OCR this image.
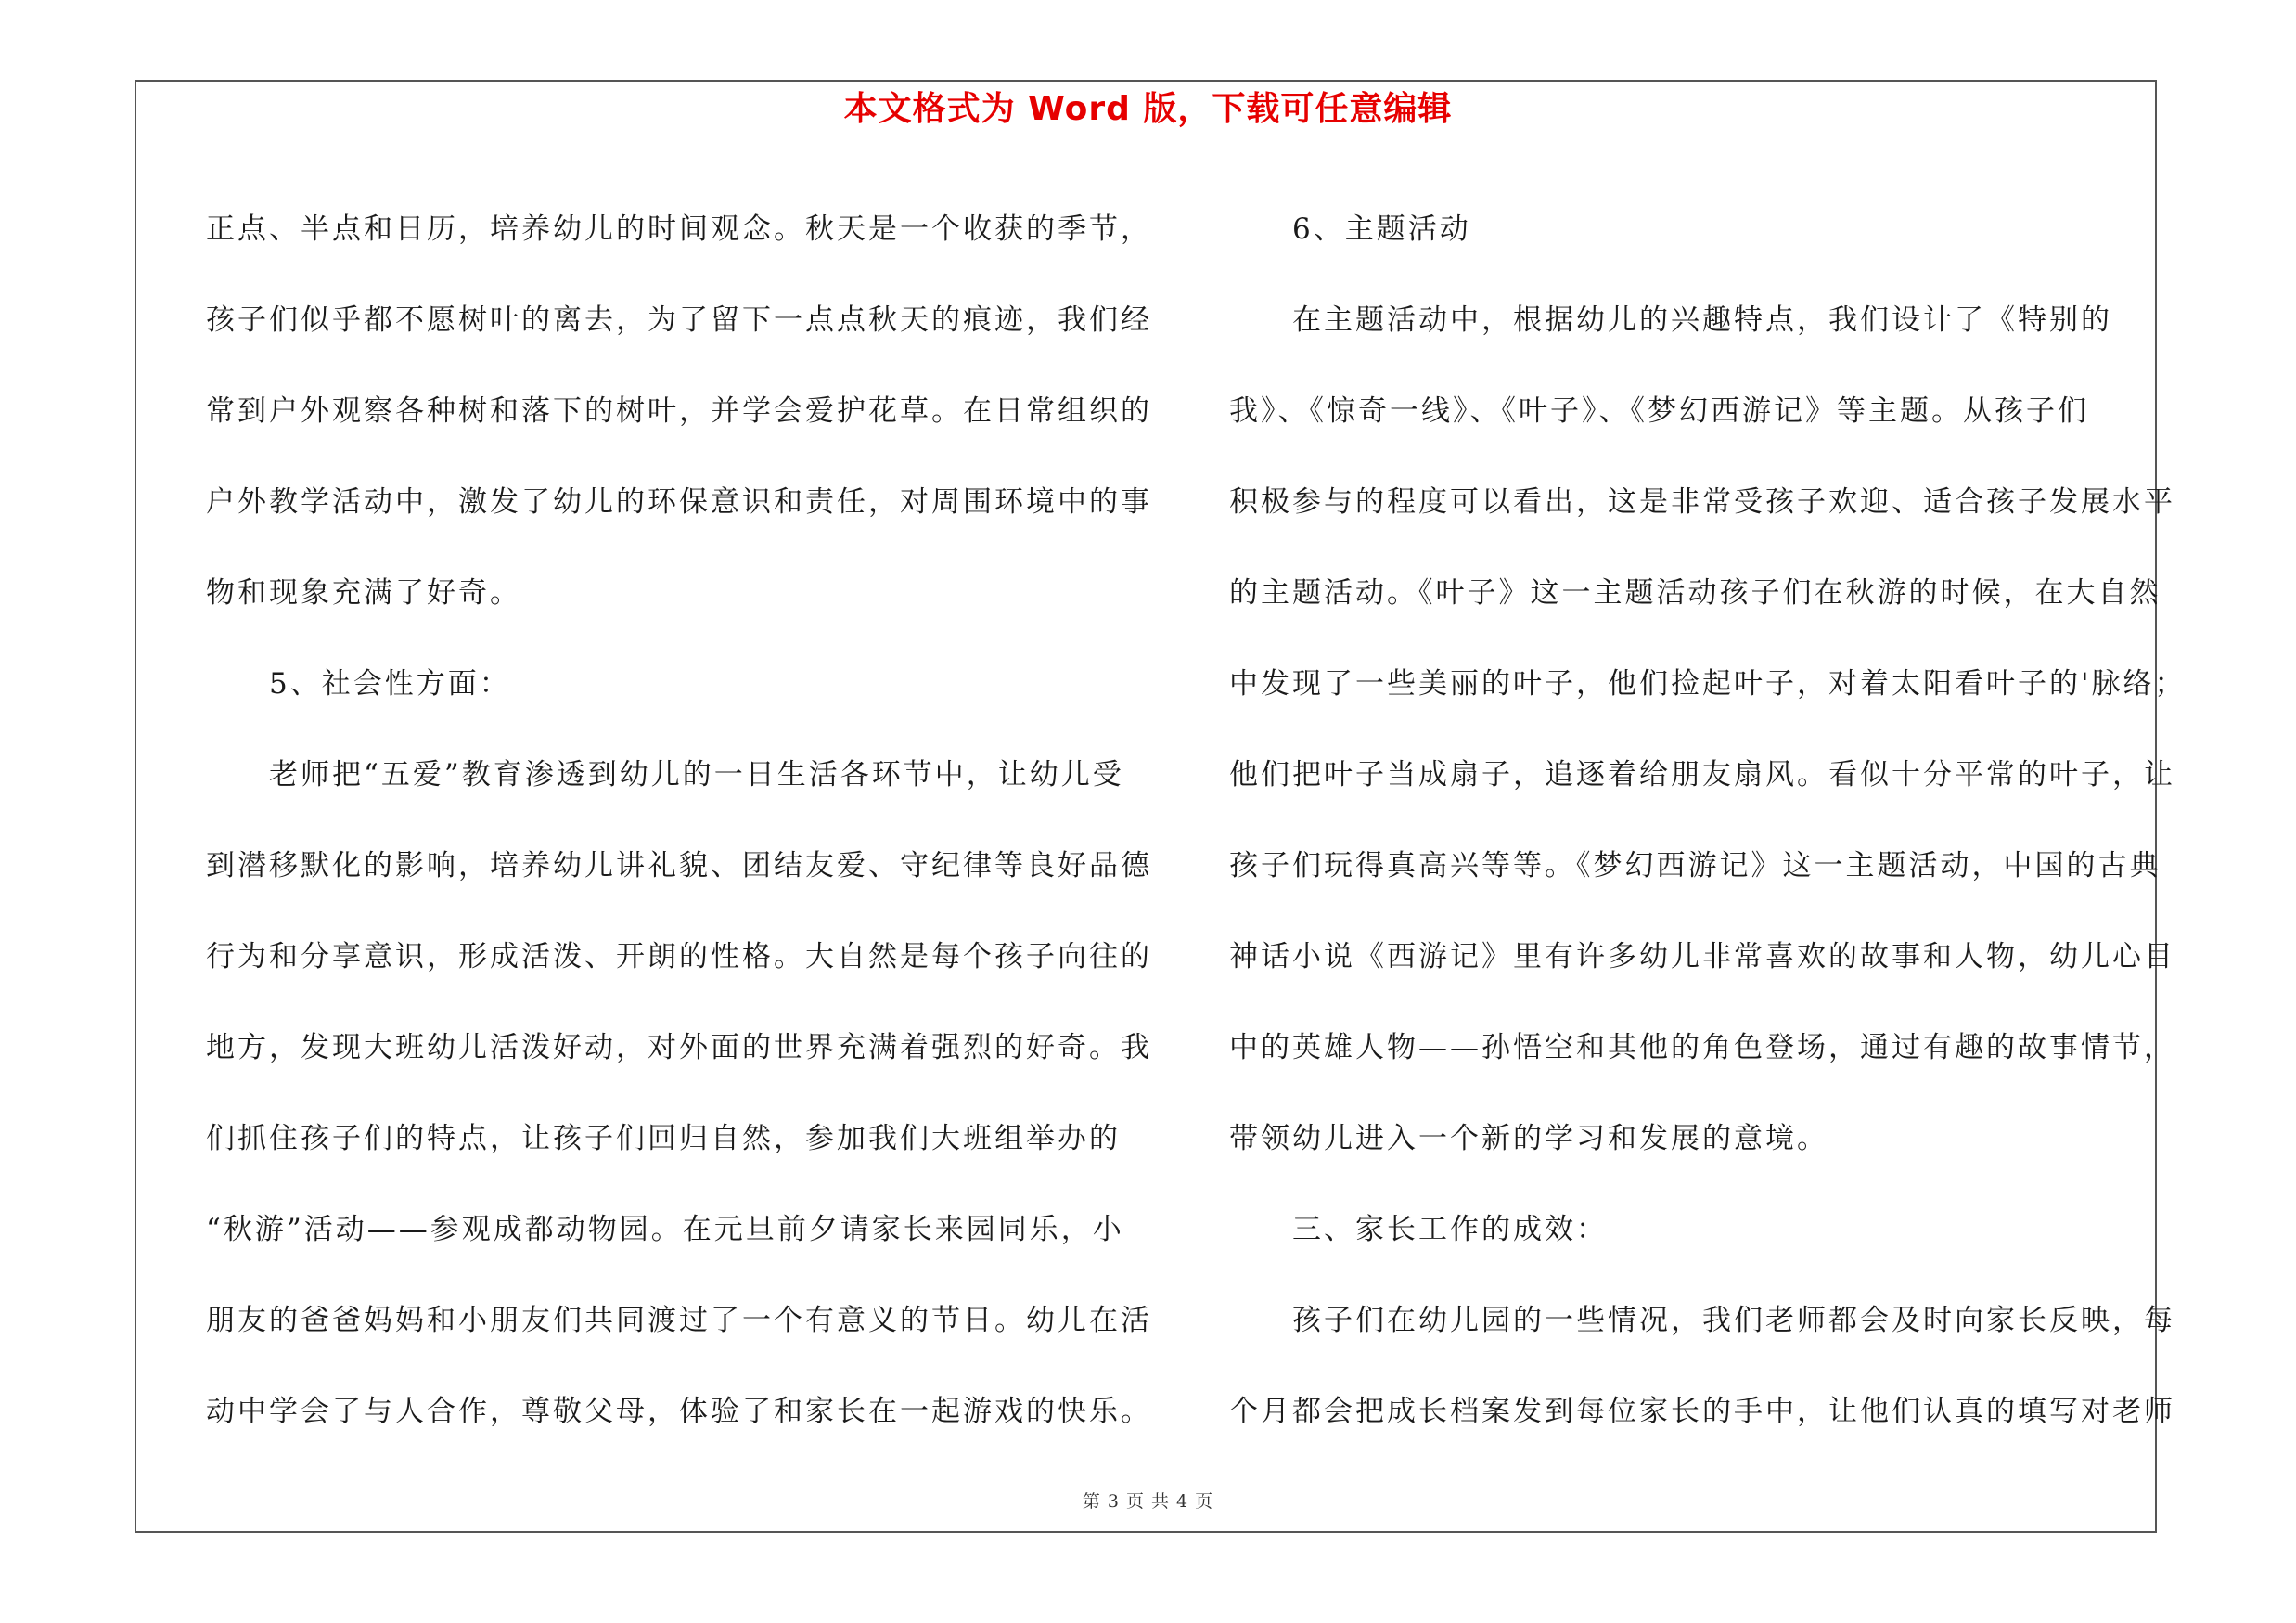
本文格式为 Word 版，下载可任意编辑
正点、半点和日历，培养幼儿的时间观念。秋天是一个收获的季节，
孩子们似乎都不愿树叶的离去，为了留下一点点秋天的痕迹，我们经
常到户外观察各种树和落下的树叶，并学会爱护花草。在日常组织的
户外教学活动中，激发了幼儿的环保意识和责任，对周围环境中的事
物和现象充满了好奇。
　　5、社会性方面：
　　老师把“五爱”教育渗透到幼儿的一日生活各环节中，让幼儿受
到潜移默化的影响，培养幼儿讲礼貌、团结友爱、守纪律等良好品德
行为和分享意识，形成活泼、开朗的性格。大自然是每个孩子向往的
地方，发现大班幼儿活泼好动，对外面的世界充满着强烈的好奇。我
们抓住孩子们的特点，让孩子们回归自然，参加我们大班组举办的
“秋游”活动——参观成都动物园。在元旦前夕请家长来园同乐，小
朋友的爸爸妈妈和小朋友们共同渡过了一个有意义的节日。幼儿在活
动中学会了与人合作，尊敬父母，体验了和家长在一起游戏的快乐。
　　6、主题活动
　　在主题活动中，根据幼儿的兴趣特点，我们设计了《特别的
我》、《惊奇一线》、《叶子》、《梦幻西游记》等主题。从孩子们
积极参与的程度可以看出，这是非常受孩子欢迎、适合孩子发展水平
的主题活动。《叶子》这一主题活动孩子们在秋游的时候，在大自然
中发现了一些美丽的叶子，他们捡起叶子，对着太阳看叶子的'脉络；
他们把叶子当成扇子，追逐着给朋友扇风。看似十分平常的叶子，让
孩子们玩得真高兴等等。《梦幻西游记》这一主题活动，中国的古典
神话小说《西游记》里有许多幼儿非常喜欢的故事和人物，幼儿心目
中的英雄人物——孙悟空和其他的角色登场，通过有趣的故事情节，
带领幼儿进入一个新的学习和发展的意境。
　　三、家长工作的成效：
　　孩子们在幼儿园的一些情况，我们老师都会及时向家长反映，每
个月都会把成长档案发到每位家长的手中，让他们认真的填写对老师
第 3 页 共 4 页
